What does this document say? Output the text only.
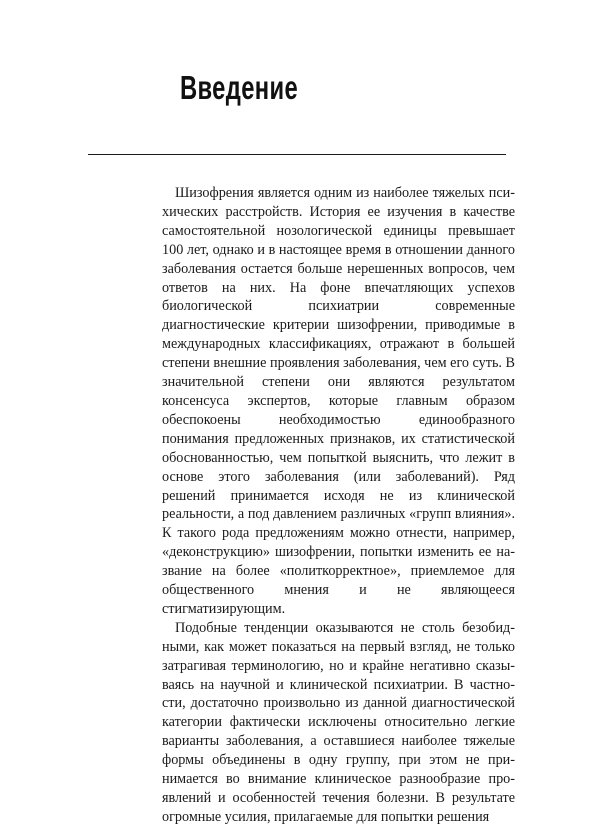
Введение

Шизофрения является одним из наиболее тяжелых психических расстройств. История ее изучения в качестве самостоятельной нозологической единицы превышает 100 лет, однако и в настоящее время в отношении данного заболевания остается больше нерешенных вопросов, чем ответов на них. На фоне впечатляющих успехов биологической психиатрии современные диагностические критерии шизофрении, приводимые в международных классификациях, отражают в большей степени внешние проявления заболевания, чем его суть. В значительной степени они являются результатом консенсуса экспертов, которые главным образом обеспокоены необходимостью единообразного понимания предложенных признаков, их статистической обоснованностью, чем попыткой выяснить, что лежит в основе этого заболевания (или заболеваний). Ряд решений принимается исходя не из клинической реальности, а под давлением различных «групп влияния». К такого рода предложениям можно отнести, например, «деконструкцию» шизофрении, попытки изменить ее название на более «политкорректное», приемлемое для общественного мнения и не являющееся стигматизирующим.

Подобные тенденции оказываются не столь безобидными, как может показаться на первый взгляд, не только затрагивая терминологию, но и крайне негативно сказываясь на научной и клинической психиатрии. В частности, достаточно произвольно из данной диагностической категории фактически исключены относительно легкие варианты заболевания, а оставшиеся наиболее тяжелые формы объединены в одну группу, при этом не принимается во внимание клиническое разнообразие проявлений и особенностей течения болезни. В результате огромные усилия, прилагаемые для попытки решения
